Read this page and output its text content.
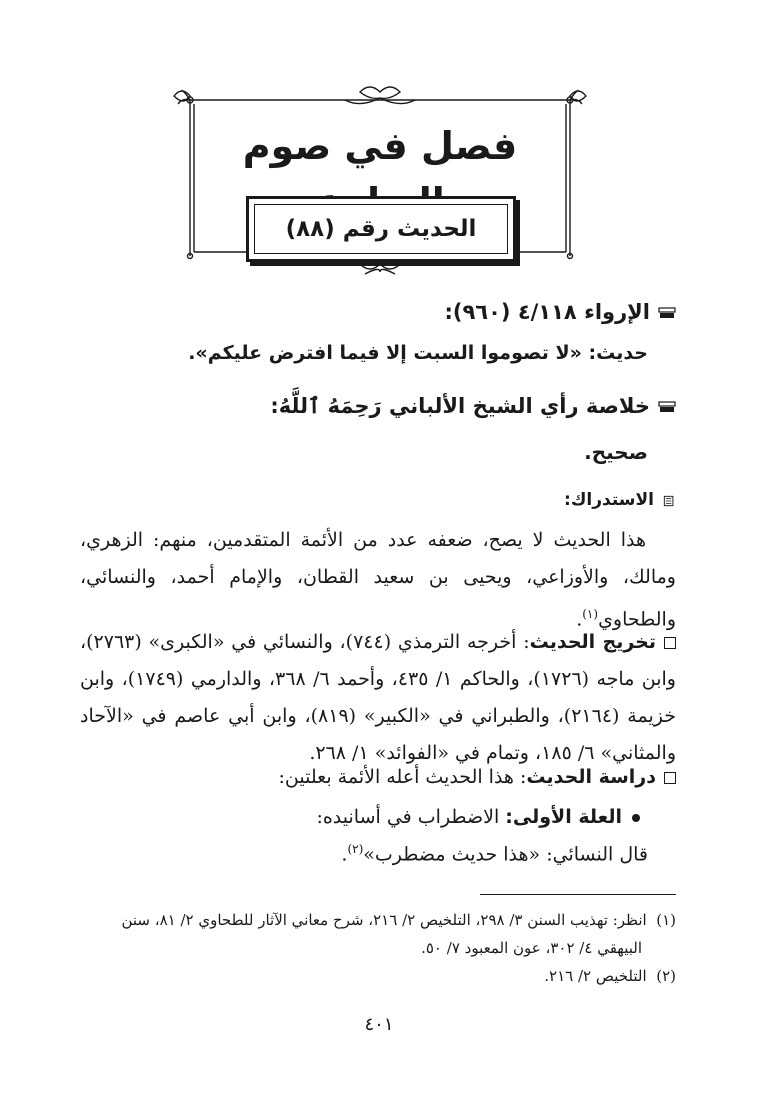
فصل في صوم
الحديث رقم (٨٨)
الإرواء ٤/١١٨ (٩٦٠):
حديث: «لا تصوموا السبت إلا فيما افترض عليكم».
خلاصة رأي الشيخ الألباني رَحِمَهُ ٱللَّهُ:
صحيح.
الاستدراك:
هذا الحديث لا يصح، ضعفه عدد من الأئمة المتقدمين، منهم: الزهري، ومالك، والأوزاعي، ويحيى بن سعيد القطان، والإمام أحمد، والنسائي، والطحاوي$^{(١)}$.
تخريج الحديث: أخرجه الترمذي (٧٤٤)، والنسائي في «الكبرى» (٢٧٦٣)، وابن ماجه (١٧٢٦)، والحاكم ١/ ٤٣٥، وأحمد ٦/ ٣٦٨، والدارمي (١٧٤٩)، وابن خزيمة (٢١٦٤)، والطبراني في «الكبير» (٨١٩)، وابن أبي عاصم في «الآحاد والمثاني» ٦/ ١٨٥، وتمام في «الفوائد» ١/ ٢٦٨.
دراسة الحديث: هذا الحديث أعله الأئمة بعلتين:
العلة الأولى: الاضطراب في أسانيده:
قال النسائي: «هذا حديث مضطرب»$^{(٢)}$.
(١)  انظر: تهذيب السنن ٣/ ٢٩٨، التلخيص ٢/ ٢١٦، شرح معاني الآثار للطحاوي ٢/ ٨١، سنن البيهقي ٤/ ٣٠٢، عون المعبود ٧/ ٥٠.
(٢)  التلخيص ٢/ ٢١٦.
٤٠١
